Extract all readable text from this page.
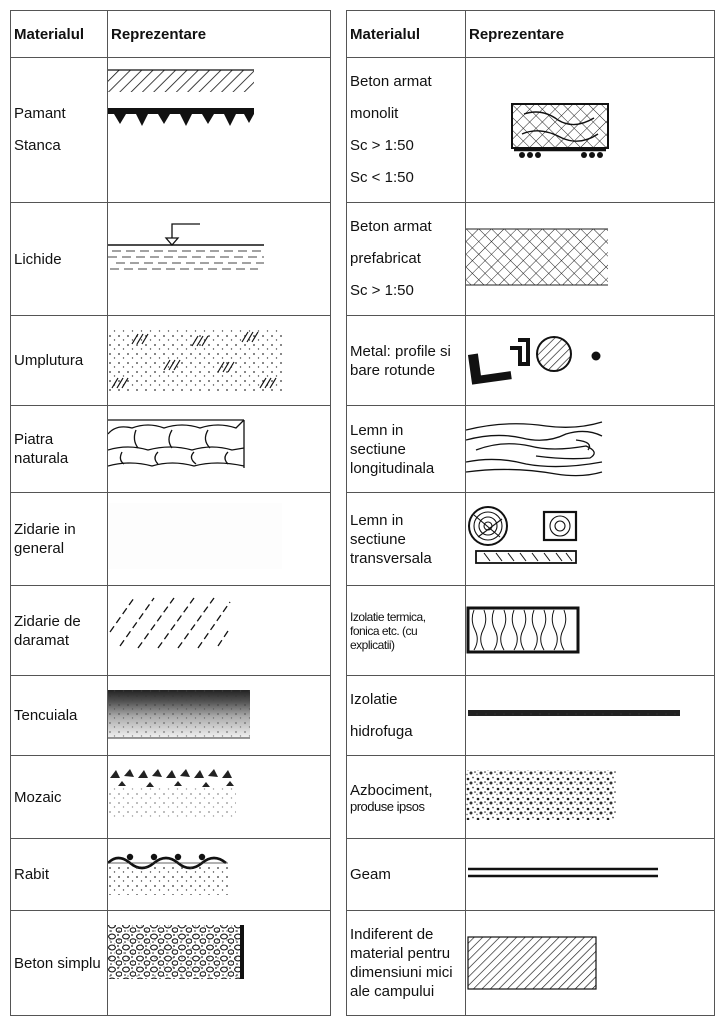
Materialul	Reprezentare

Pamant
Stanca

Lichide	

Umplutura	

Piatra
naturala

Zidarie in
general

Zidarie de
daramat

Tencuiala	

Mozaic	

Rabit	

Beton simplu	
Materialul	Reprezentare

Beton armat
monolit
Sc > 1:50
Sc < 1:50

Beton armat
prefabricat
Sc > 1:50

Metal: profile si
bare rotunde

Lemn in
sectiune
longitudinala

Lemn in
sectiune
transversala

Izolatie termica,
fonica etc. (cu
explicatii)

Izolatie
hidrofuga

Azbociment,
produse ipsos

Geam	

Indiferent de
material pentru
dimensiuni mici
ale campului
